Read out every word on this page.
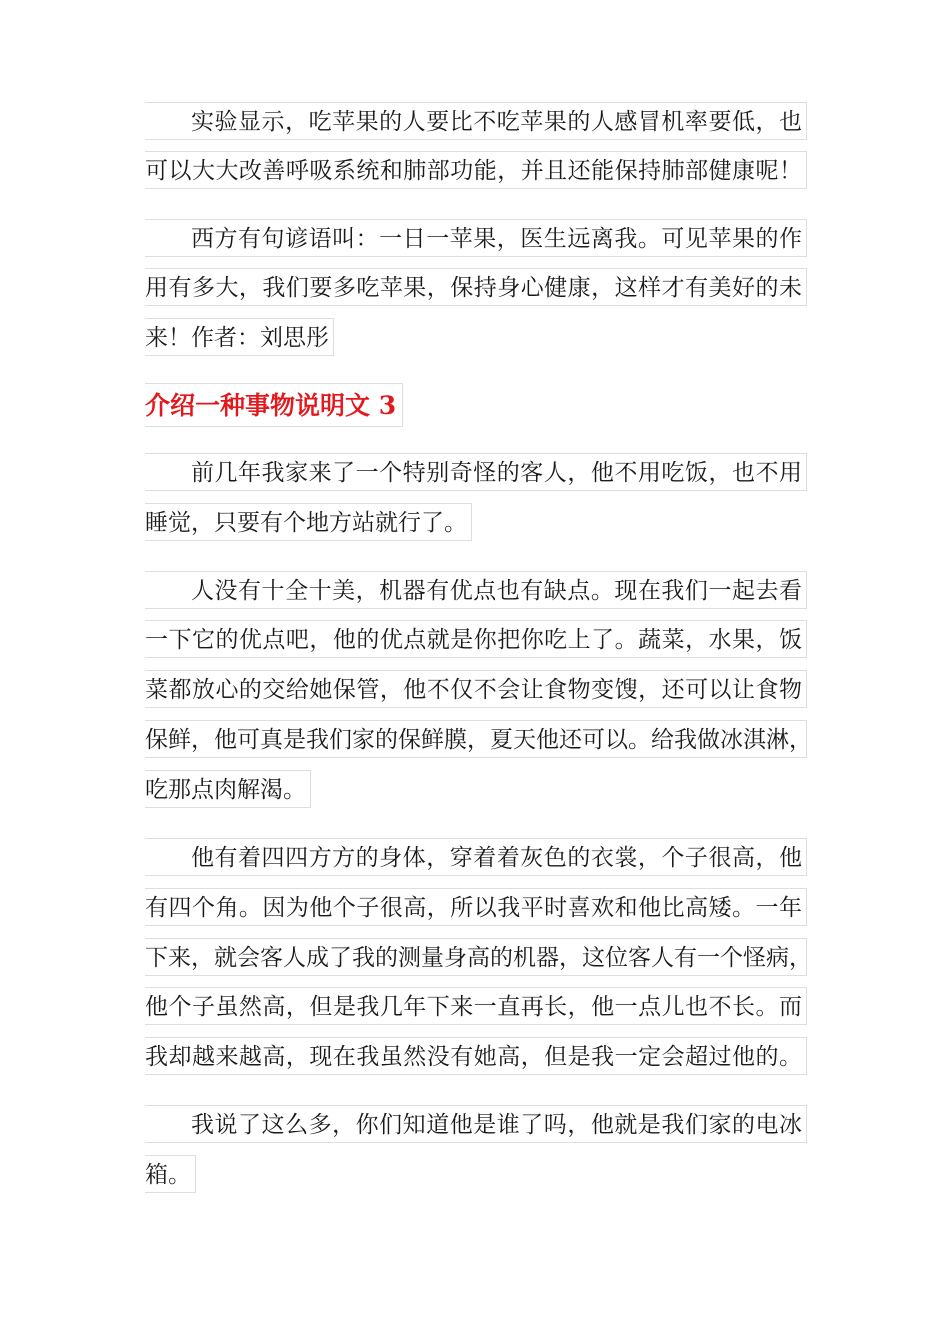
实验显示，吃苹果的人要比不吃苹果的人感冒机率要低，也
可以大大改善呼吸系统和肺部功能，并且还能保持肺部健康呢！
西方有句谚语叫：一日一苹果，医生远离我。可见苹果的作
用有多大，我们要多吃苹果，保持身心健康，这样才有美好的未
来！作者：刘思彤
介绍一种事物说明文 3
前几年我家来了一个特别奇怪的客人，他不用吃饭，也不用
睡觉，只要有个地方站就行了。
人没有十全十美，机器有优点也有缺点。现在我们一起去看
一下它的优点吧，他的优点就是你把你吃上了。蔬菜，水果，饭
菜都放心的交给她保管，他不仅不会让食物变馊，还可以让食物
保鲜，他可真是我们家的保鲜膜，夏天他还可以。给我做冰淇淋，
吃那点肉解渴。
他有着四四方方的身体，穿着着灰色的衣裳，个子很高，他
有四个角。因为他个子很高，所以我平时喜欢和他比高矮。一年
下来，就会客人成了我的测量身高的机器，这位客人有一个怪病，
他个子虽然高，但是我几年下来一直再长，他一点儿也不长。而
我却越来越高，现在我虽然没有她高，但是我一定会超过他的。
我说了这么多，你们知道他是谁了吗，他就是我们家的电冰
箱。
